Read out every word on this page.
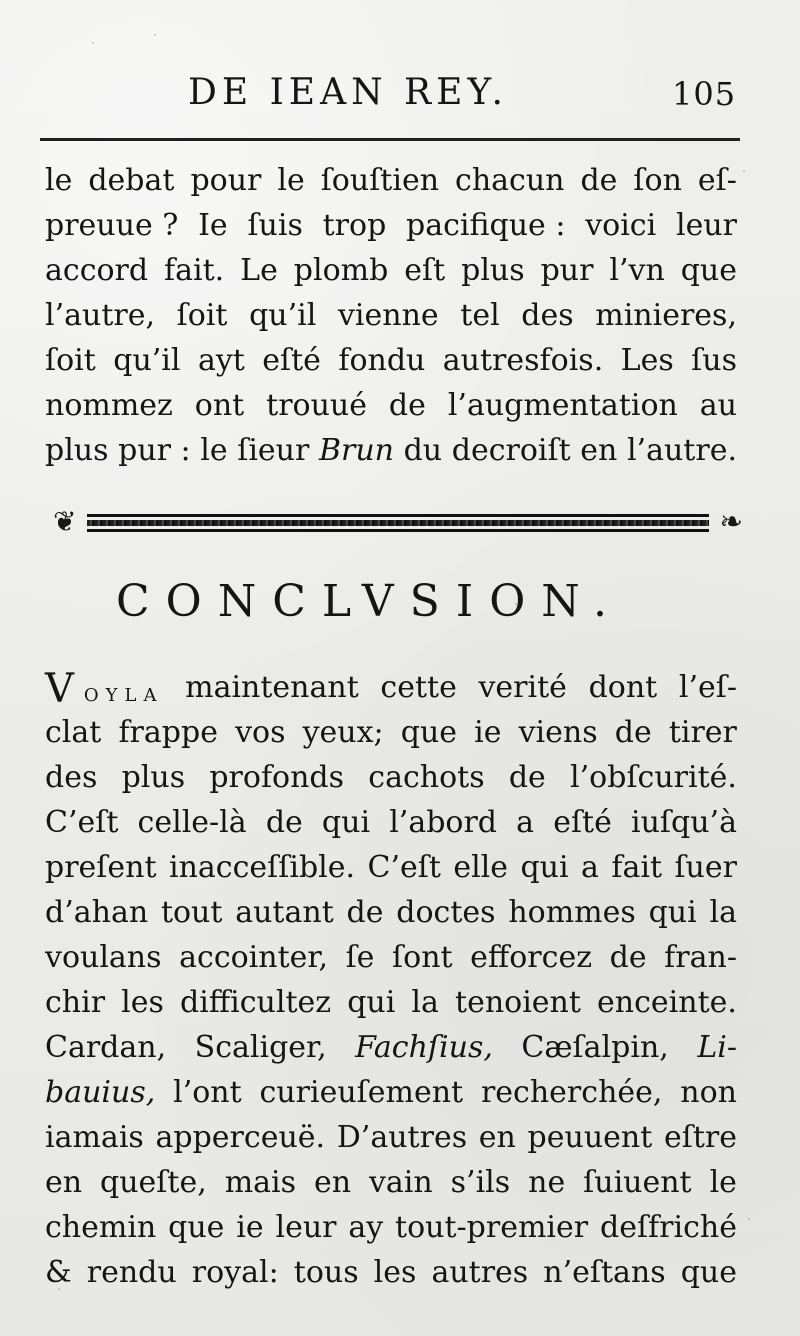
DE IEAN REY.	105
le debat pour le ſouſtien chacun de ſon eſ-
preuue ? Ie ſuis trop pacifique : voici leur
accord fait. Le plomb eſt plus pur l’vn que
l’autre, ſoit qu’il vienne tel des minieres,
ſoit qu’il ayt eſté fondu autresfois. Les ſus
nommez ont trouué de l’augmentation au
plus pur : le ſieur Brun du decroiſt en l’autre.
❦	❧
CONCLVSION.
VOYLA maintenant cette verité dont l’eſ-
clat frappe vos yeux; que ie viens de tirer
des plus profonds cachots de l’obſcurité.
C’eſt celle-là de qui l’abord a eſté iuſqu’à
preſent inacceſſible. C’eſt elle qui a fait ſuer
d’ahan tout autant de doctes hommes qui la
voulans accointer, ſe ſont efforcez de fran-
chir les difficultez qui la tenoient enceinte.
Cardan, Scaliger, Fachſius, Cæſalpin, Li-
bauius, l’ont curieuſement recherchée, non
iamais apperceuë. D’autres en peuuent eſtre
en queſte, mais en vain s’ils ne ſuiuent le
chemin que ie leur ay tout-premier deſfriché
& rendu royal: tous les autres n’eſtans que
